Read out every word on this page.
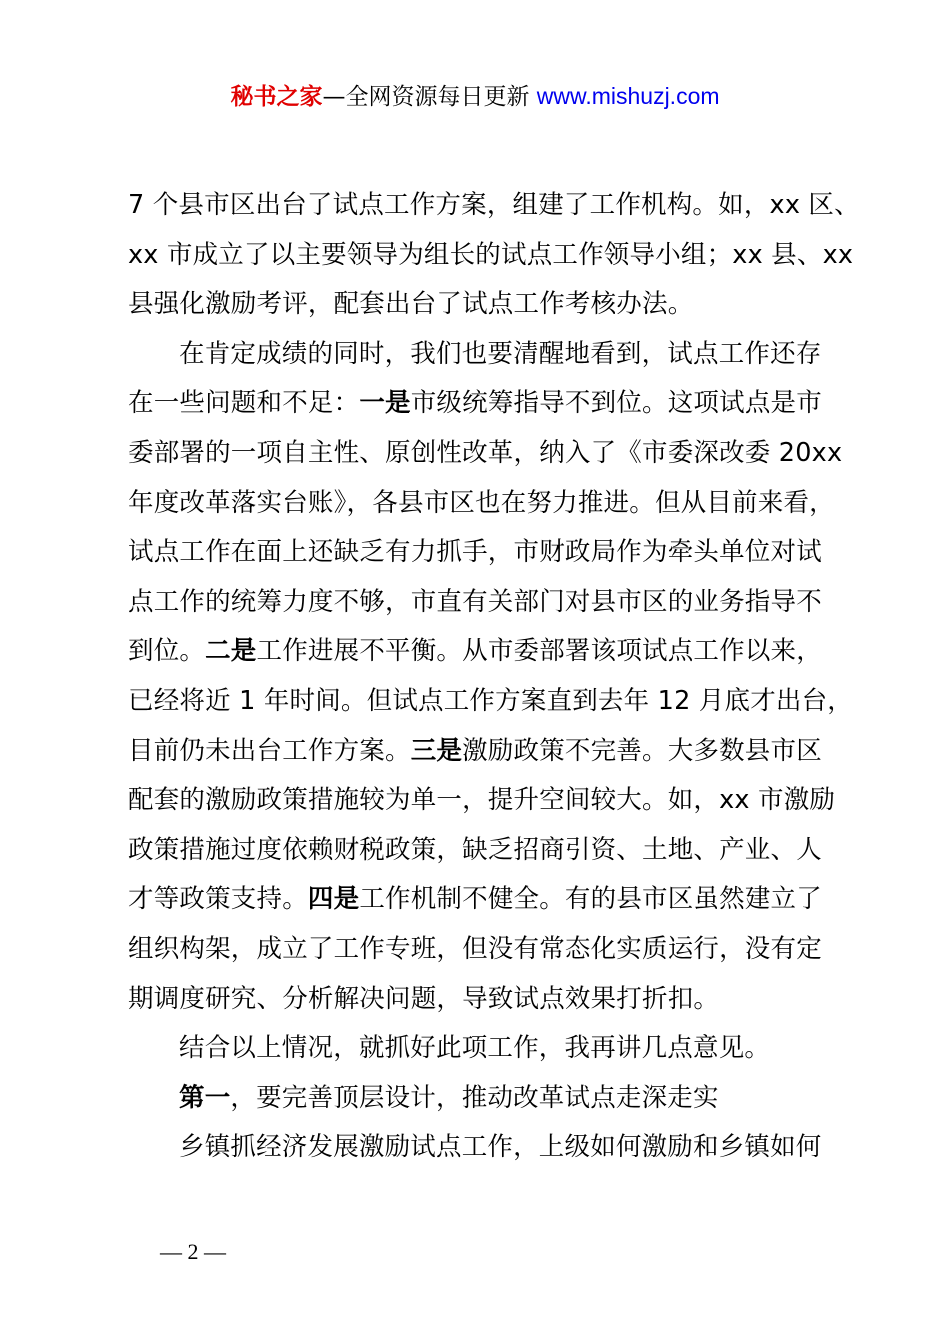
秘书之家—全网资源每日更新 www.mishuzj.com
7 个县市区出台了试点工作方案，组建了工作机构。如，xx 区、
xx 市成立了以主要领导为组长的试点工作领导小组；xx 县、xx
县强化激励考评，配套出台了试点工作考核办法。
在肯定成绩的同时，我们也要清醒地看到，试点工作还存
在一些问题和不足：一是市级统筹指导不到位。这项试点是市
委部署的一项自主性、原创性改革，纳入了《市委深改委 20xx
年度改革落实台账》，各县市区也在努力推进。但从目前来看，
试点工作在面上还缺乏有力抓手，市财政局作为牵头单位对试
点工作的统筹力度不够，市直有关部门对县市区的业务指导不
到位。二是工作进展不平衡。从市委部署该项试点工作以来，
已经将近 1 年时间。但试点工作方案直到去年 12 月底才出台，
目前仍未出台工作方案。三是激励政策不完善。大多数县市区
配套的激励政策措施较为单一，提升空间较大。如，xx 市激励
政策措施过度依赖财税政策，缺乏招商引资、土地、产业、人
才等政策支持。四是工作机制不健全。有的县市区虽然建立了
组织构架，成立了工作专班，但没有常态化实质运行，没有定
期调度研究、分析解决问题，导致试点效果打折扣。
结合以上情况，就抓好此项工作，我再讲几点意见。
第一，要完善顶层设计，推动改革试点走深走实
乡镇抓经济发展激励试点工作，上级如何激励和乡镇如何
— 2 —
